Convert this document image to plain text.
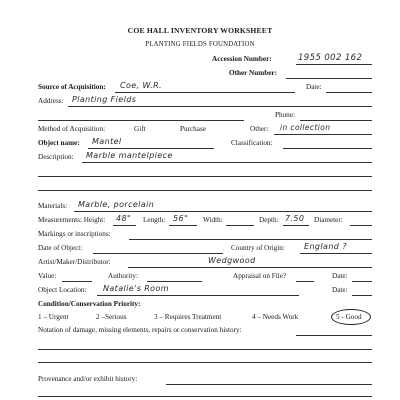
COE HALL INVENTORY WORKSHEET
PLANTING FIELDS FOUNDATION
Accession Number:	1955 002 162
Other Number:
Source of Acquisition: Coe, W.R.	Date:
Address: Planting Fields
Phone:
Method of Acquisition:	Gift	Purchase	Other: in collection
Object name: Mantel	Classification:
Description: Marble mantelpiece
Materials: Marble, porcelain
Measurements: Height: 48" Length: 56" Width:	Depth: 7.50 Diameter:
Markings or inscriptions:
Date of Object:	Country of Origin: England ?
Artist/Maker/Distributor:	Wedgwood
Value:	Authority:	Appraisal on File?	Date:
Object Location: Natalie's Room	Date:
Condition/Conservation Priority:
1 – Urgent	2 –Serious	3 – Requires Treatment	4 – Needs Work	5 - Good
Notation of damage, missing elements, repairs or conservation history:
Provenance and/or exhibit history:
